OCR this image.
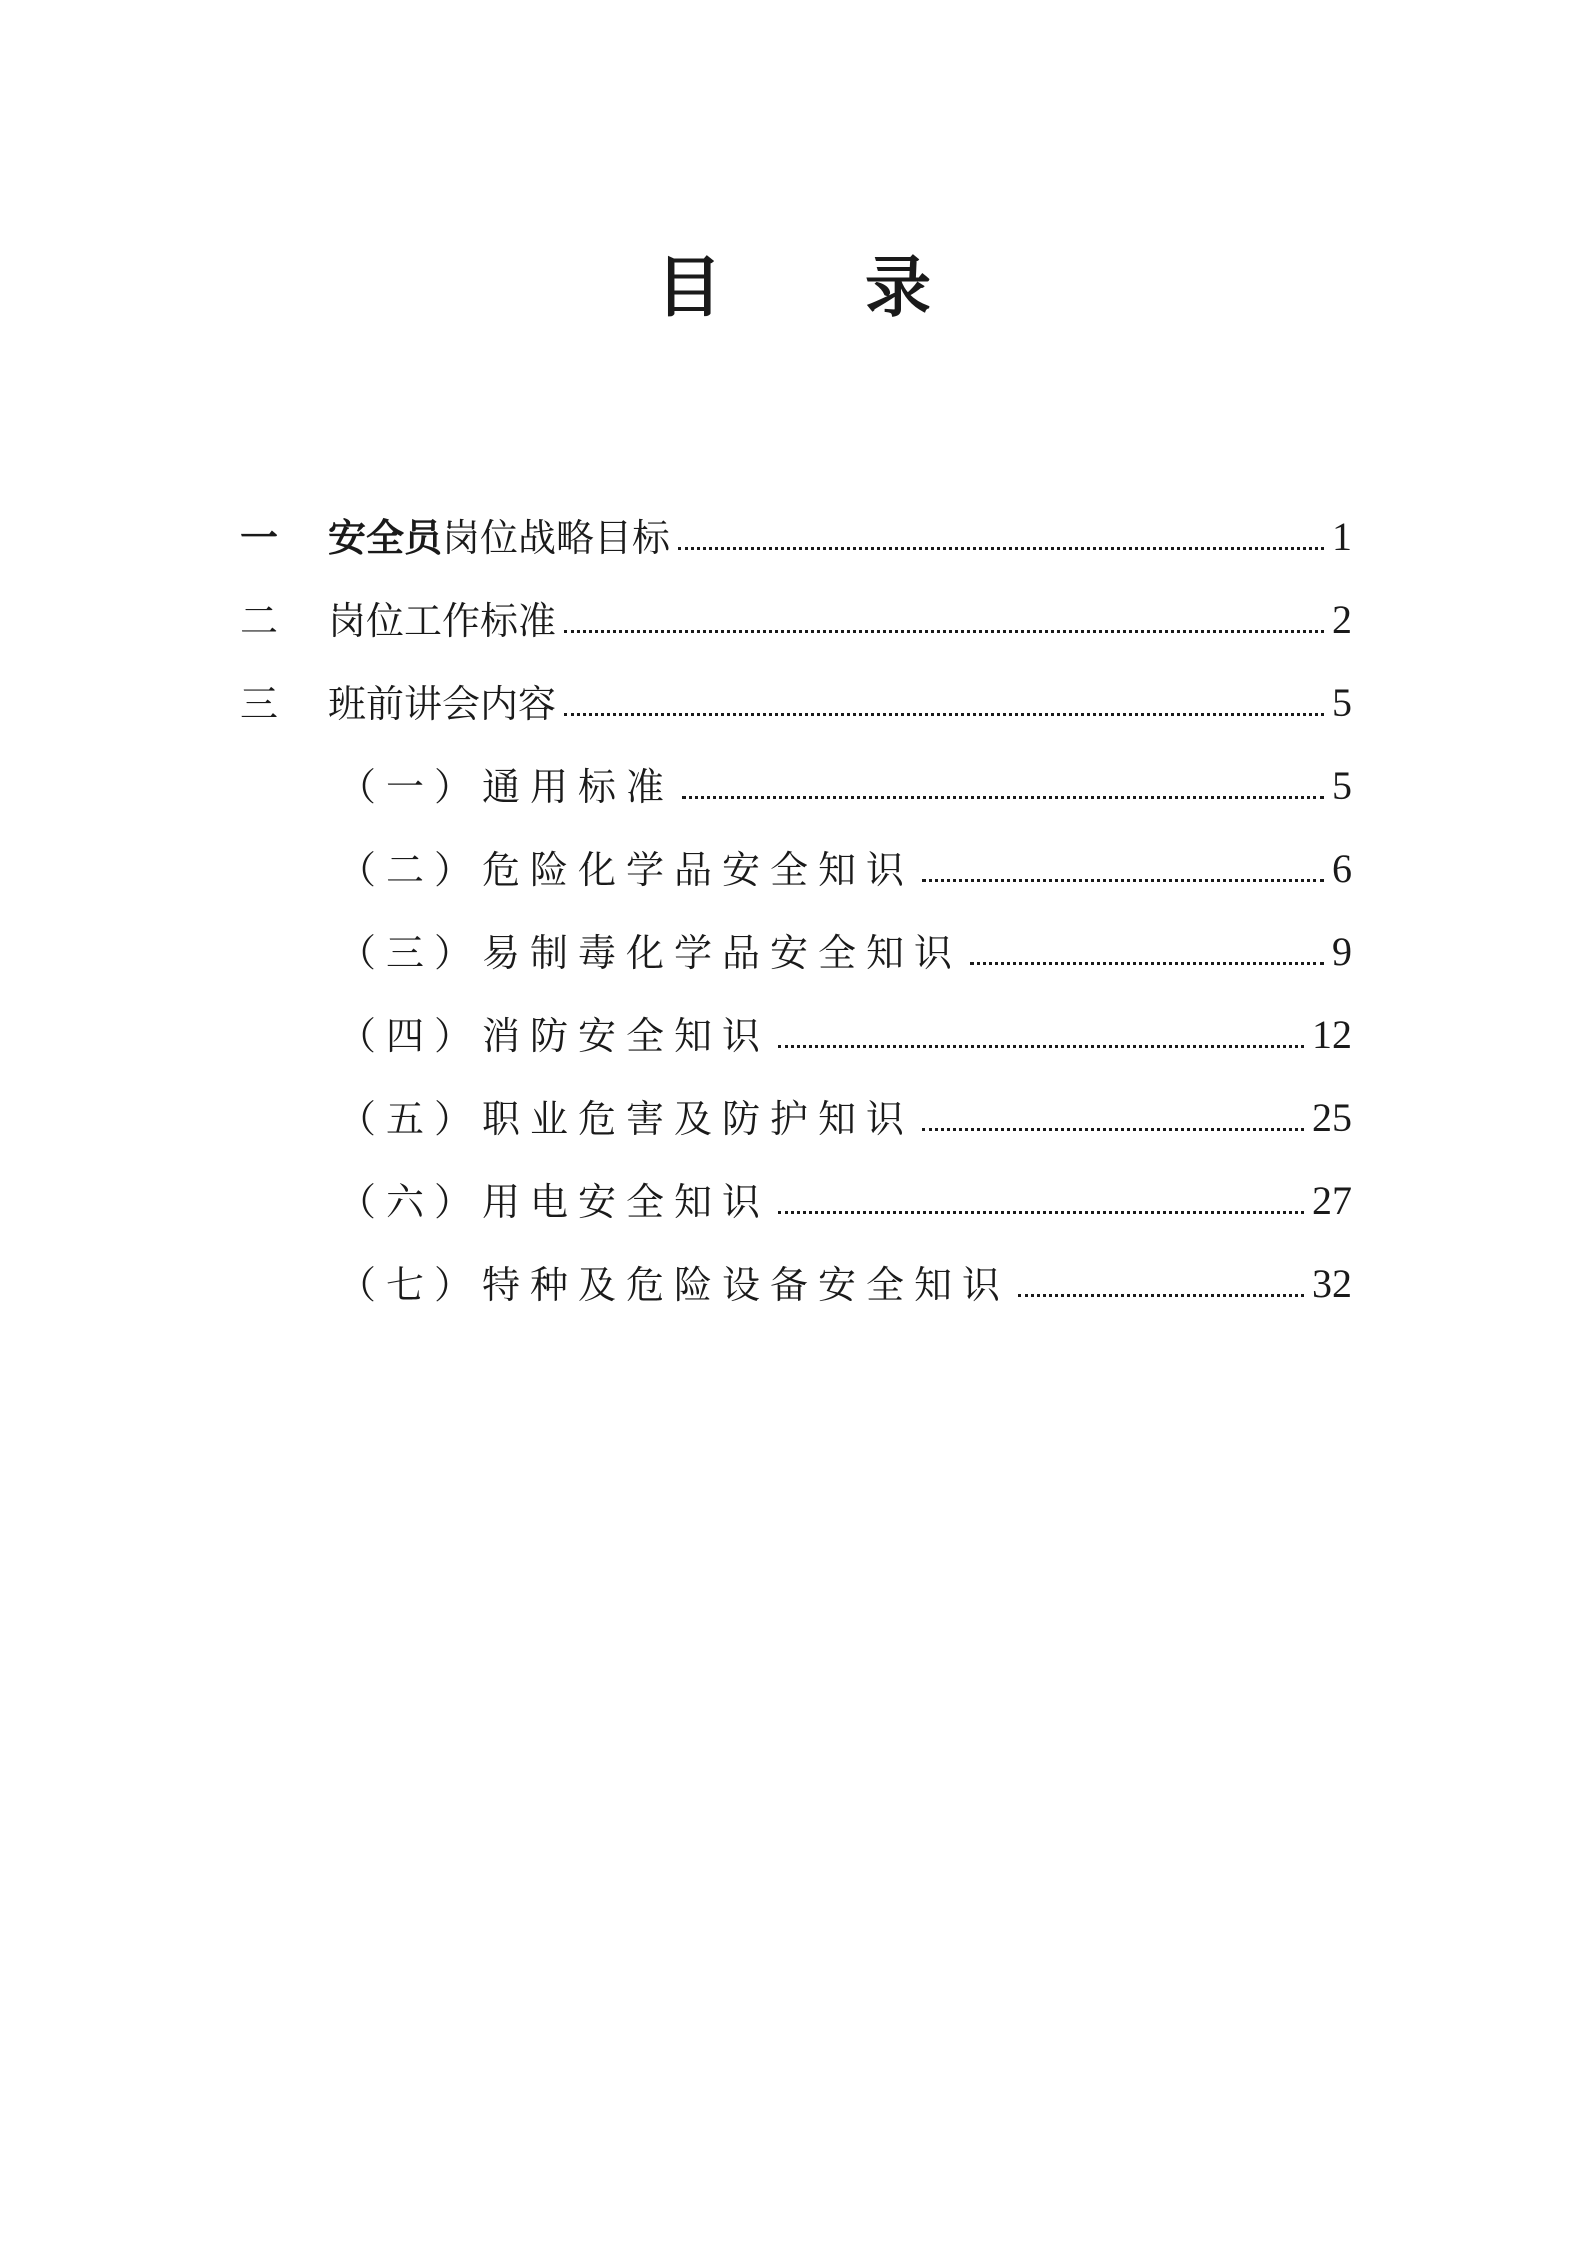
目 录
一	安全员岗位战略目标	1
二	岗位工作标准	2
三	班前讲会内容	5
（一）通用标准	5
（二）危险化学品安全知识	6
（三）易制毒化学品安全知识	9
（四）消防安全知识	12
（五）职业危害及防护知识	25
（六）用电安全知识	27
（七）特种及危险设备安全知识	32
